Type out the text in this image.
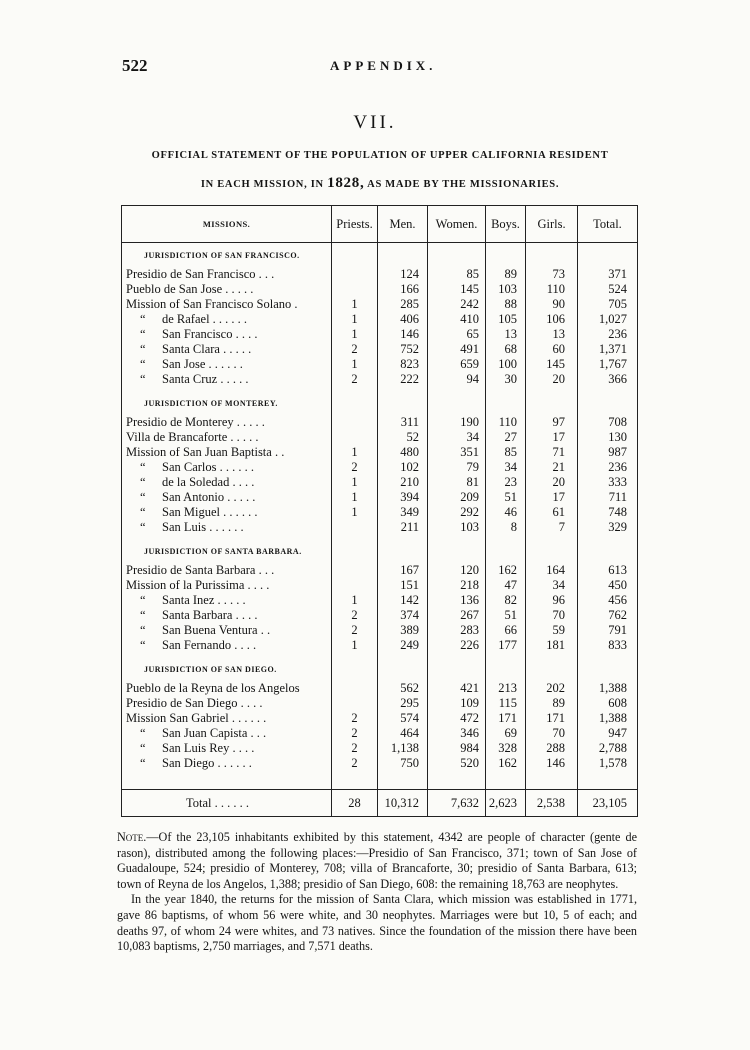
522	APPENDIX.
VII.
OFFICIAL STATEMENT OF THE POPULATION OF UPPER CALIFORNIA RESIDENT
IN EACH MISSION, IN 1828, AS MADE BY THE MISSIONARIES.
MISSIONS.	Priests.	Men.	Women.	Boys.	Girls.	Total.
JURISDICTION OF SAN FRANCISCO.						
Presidio de San Francisco . . .		124	85	89	73	371
Pueblo de San Jose . . . . .		166	145	103	110	524
Mission of San Francisco Solano .	1	285	242	88	90	705
“ de Rafael . . . . . .	1	406	410	105	106	1,027
“ San Francisco . . . .	1	146	65	13	13	236
“ Santa Clara . . . . .	2	752	491	68	60	1,371
“ San Jose . . . . . .	1	823	659	100	145	1,767
“ Santa Cruz . . . . .	2	222	94	30	20	366

JURISDICTION OF MONTEREY.						
Presidio de Monterey . . . . .		311	190	110	97	708
Villa de Brancaforte . . . . .		52	34	27	17	130
Mission of San Juan Baptista . .	1	480	351	85	71	987
“ San Carlos . . . . . .	2	102	79	34	21	236
“ de la Soledad . . . .	1	210	81	23	20	333
“ San Antonio . . . . .	1	394	209	51	17	711
“ San Miguel . . . . . .	1	349	292	46	61	748
“ San Luis . . . . . .		211	103	8	7	329

JURISDICTION OF SANTA BARBARA.						
Presidio de Santa Barbara . . .		167	120	162	164	613
Mission of la Purissima . . . .		151	218	47	34	450
“ Santa Inez . . . . .	1	142	136	82	96	456
“ Santa Barbara . . . .	2	374	267	51	70	762
“ San Buena Ventura . .	2	389	283	66	59	791
“ San Fernando . . . .	1	249	226	177	181	833

JURISDICTION OF SAN DIEGO.						
Pueblo de la Reyna de los Angelos		562	421	213	202	1,388
Presidio de San Diego . . . .		295	109	115	89	608
Mission San Gabriel . . . . . .	2	574	472	171	171	1,388
“ San Juan Capista . . .	2	464	346	69	70	947
“ San Luis Rey . . . .	2	1,138	984	328	288	2,788
“ San Diego . . . . . .	2	750	520	162	146	1,578

Total . . . . . .	28	10,312	7,632	2,623	2,538	23,105

Note.—Of the 23,105 inhabitants exhibited by this statement, 4342 are people of character (gente de rason), distributed among the following places:—Presidio of San Francisco, 371; town of San Jose of Guadaloupe, 524; presidio of Monterey, 708; villa of Brancaforte, 30; presidio of Santa Barbara, 613; town of Reyna de los Angelos, 1,388; presidio of San Diego, 608: the remaining 18,763 are neophytes.

In the year 1840, the returns for the mission of Santa Clara, which mission was established in 1771, gave 86 baptisms, of whom 56 were white, and 30 neophytes. Marriages were but 10, 5 of each; and deaths 97, of whom 24 were whites, and 73 natives. Since the foundation of the mission there have been 10,083 baptisms, 2,750 marriages, and 7,571 deaths.
